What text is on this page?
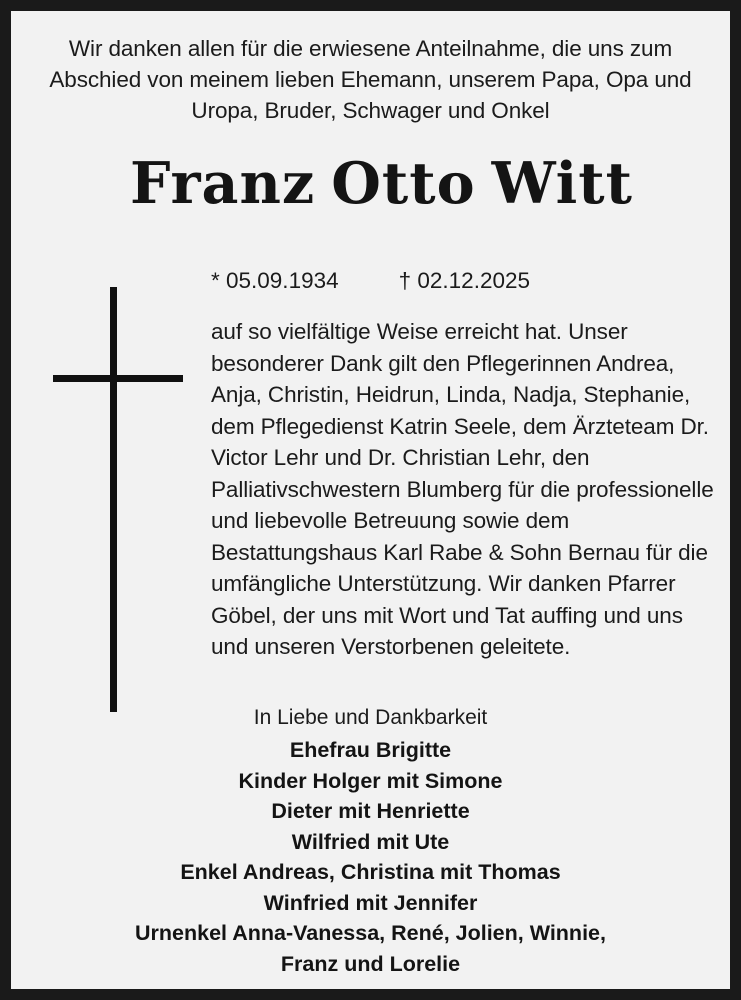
Wir danken allen für die erwiesene Anteilnahme, die uns zum Abschied von meinem lieben Ehemann, unserem Papa, Opa und Uropa, Bruder, Schwager und Onkel
Franz Otto Witt
* 05.09.1934	† 02.12.2025
auf so vielfältige Weise erreicht hat. Unser besonderer Dank gilt den Pflegerinnen Andrea, Anja, Christin, Heidrun, Linda, Nadja, Stephanie, dem Pflegedienst Katrin Seele, dem Ärzteteam Dr. Victor Lehr und Dr. Christian Lehr, den Palliativschwestern Blumberg für die professionelle und liebevolle Betreuung sowie dem Bestattungshaus Karl Rabe & Sohn Bernau für die umfängliche Unterstützung. Wir danken Pfarrer Göbel, der uns mit Wort und Tat auffing und uns und unseren Verstorbenen geleitete.
In Liebe und Dankbarkeit
Ehefrau Brigitte
Kinder Holger mit Simone
Dieter mit Henriette
Wilfried mit Ute
Enkel Andreas, Christina mit Thomas
Winfried mit Jennifer
Urnenkel Anna-Vanessa, René, Jolien, Winnie,
Franz und Lorelie
